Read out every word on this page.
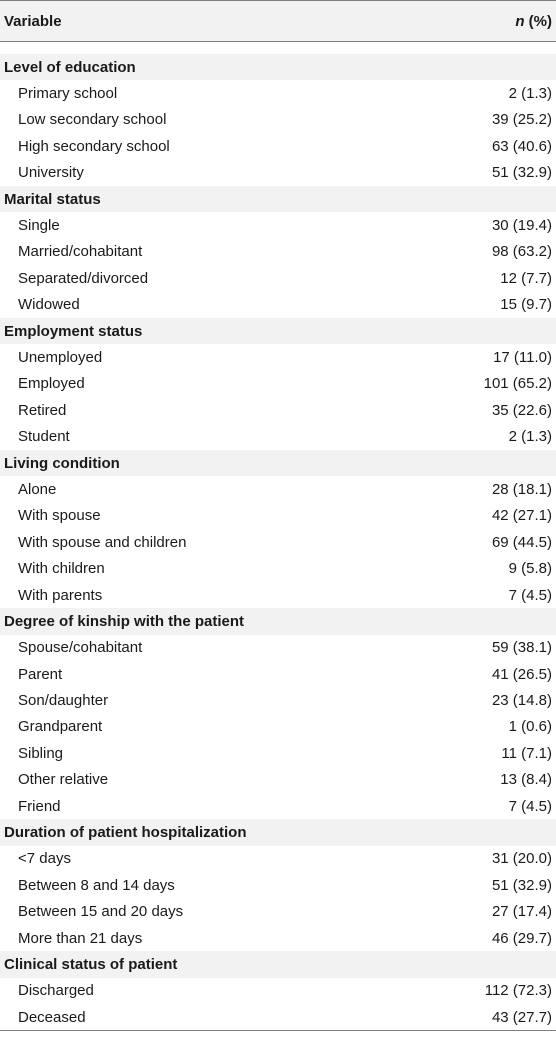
Variable	n (%)
Level of education
Primary school	2 (1.3)
Low secondary school	39 (25.2)
High secondary school	63 (40.6)
University	51 (32.9)
Marital status
Single	30 (19.4)
Married/cohabitant	98 (63.2)
Separated/divorced	12 (7.7)
Widowed	15 (9.7)
Employment status
Unemployed	17 (11.0)
Employed	101 (65.2)
Retired	35 (22.6)
Student	2 (1.3)
Living condition
Alone	28 (18.1)
With spouse	42 (27.1)
With spouse and children	69 (44.5)
With children	9 (5.8)
With parents	7 (4.5)
Degree of kinship with the patient
Spouse/cohabitant	59 (38.1)
Parent	41 (26.5)
Son/daughter	23 (14.8)
Grandparent	1 (0.6)
Sibling	11 (7.1)
Other relative	13 (8.4)
Friend	7 (4.5)
Duration of patient hospitalization
<7 days	31 (20.0)
Between 8 and 14 days	51 (32.9)
Between 15 and 20 days	27 (17.4)
More than 21 days	46 (29.7)
Clinical status of patient
Discharged	112 (72.3)
Deceased	43 (27.7)
